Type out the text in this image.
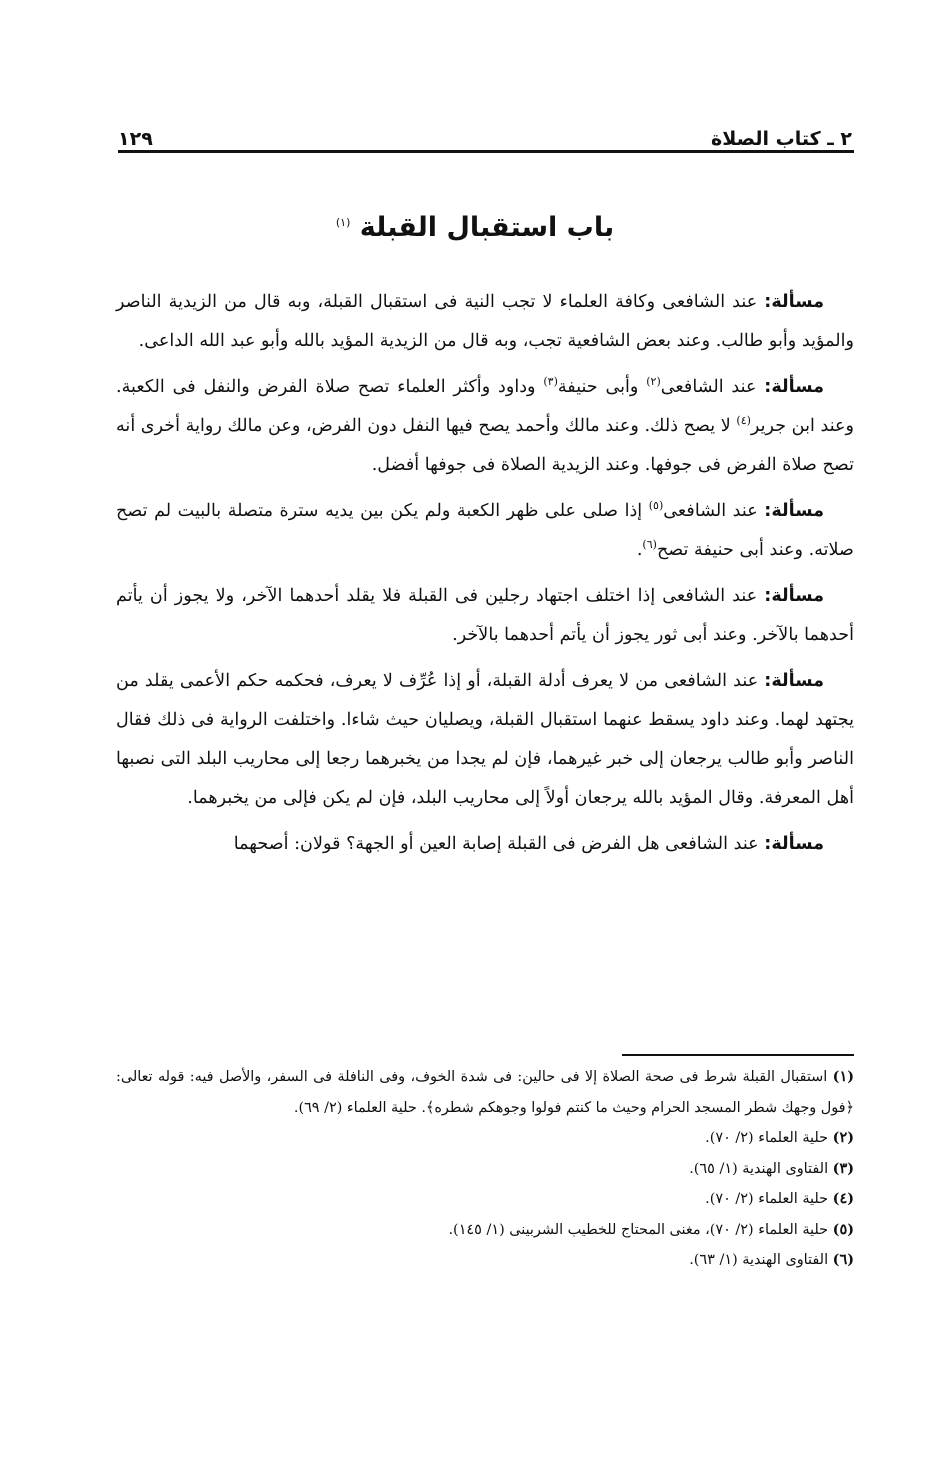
٢ ـ كتاب الصلاة
١٢٩
باب استقبال القبلة $^{(١)}$

مسألة: عند الشافعى وكافة العلماء لا تجب النية فى استقبال القبلة، وبه قال من الزيدية الناصر والمؤيد وأبو طالب. وعند بعض الشافعية تجب، وبه قال من الزيدية المؤيد بالله وأبو عبد الله الداعى.

مسألة: عند الشافعى$^{(٢)}$ وأبى حنيفة$^{(٣)}$ وداود وأكثر العلماء تصح صلاة الفرض والنفل فى الكعبة. وعند ابن جرير$^{(٤)}$ لا يصح ذلك. وعند مالك وأحمد يصح فيها النفل دون الفرض، وعن مالك رواية أخرى أنه تصح صلاة الفرض فى جوفها. وعند الزيدية الصلاة فى جوفها أفضل.

مسألة: عند الشافعى$^{(٥)}$ إذا صلى على ظهر الكعبة ولم يكن بين يديه سترة متصلة بالبيت لم تصح صلاته. وعند أبى حنيفة تصح$^{(٦)}$.

مسألة: عند الشافعى إذا اختلف اجتهاد رجلين فى القبلة فلا يقلد أحدهما الآخر، ولا يجوز أن يأتم أحدهما بالآخر. وعند أبى ثور يجوز أن يأتم أحدهما بالآخر.

مسألة: عند الشافعى من لا يعرف أدلة القبلة، أو إذا عُرِّف لا يعرف، فحكمه حكم الأعمى يقلد من يجتهد لهما. وعند داود يسقط عنهما استقبال القبلة، ويصليان حيث شاءا. واختلفت الرواية فى ذلك فقال الناصر وأبو طالب يرجعان إلى خبر غيرهما، فإن لم يجدا من يخبرهما رجعا إلى محاريب البلد التى نصبها أهل المعرفة. وقال المؤيد بالله يرجعان أولاً إلى محاريب البلد، فإن لم يكن فإلى من يخبرهما.

مسألة: عند الشافعى هل الفرض فى القبلة إصابة العين أو الجهة؟ قولان: أصحهما

(١) استقبال القبلة شرط فى صحة الصلاة إلا فى حالين: فى شدة الخوف، وفى النافلة فى السفر، والأصل فيه: قوله تعالى: ﴿فول وجهك شطر المسجد الحرام وحيث ما كنتم فولوا وجوهكم شطره﴾. حلية العلماء (٢/ ٦٩).

(٢) حلية العلماء (٢/ ٧٠).

(٣) الفتاوى الهندية (١/ ٦٥).

(٤) حلية العلماء (٢/ ٧٠).

(٥) حلية العلماء (٢/ ٧٠)، مغنى المحتاج للخطيب الشربينى (١/ ١٤٥).

(٦) الفتاوى الهندية (١/ ٦٣).
